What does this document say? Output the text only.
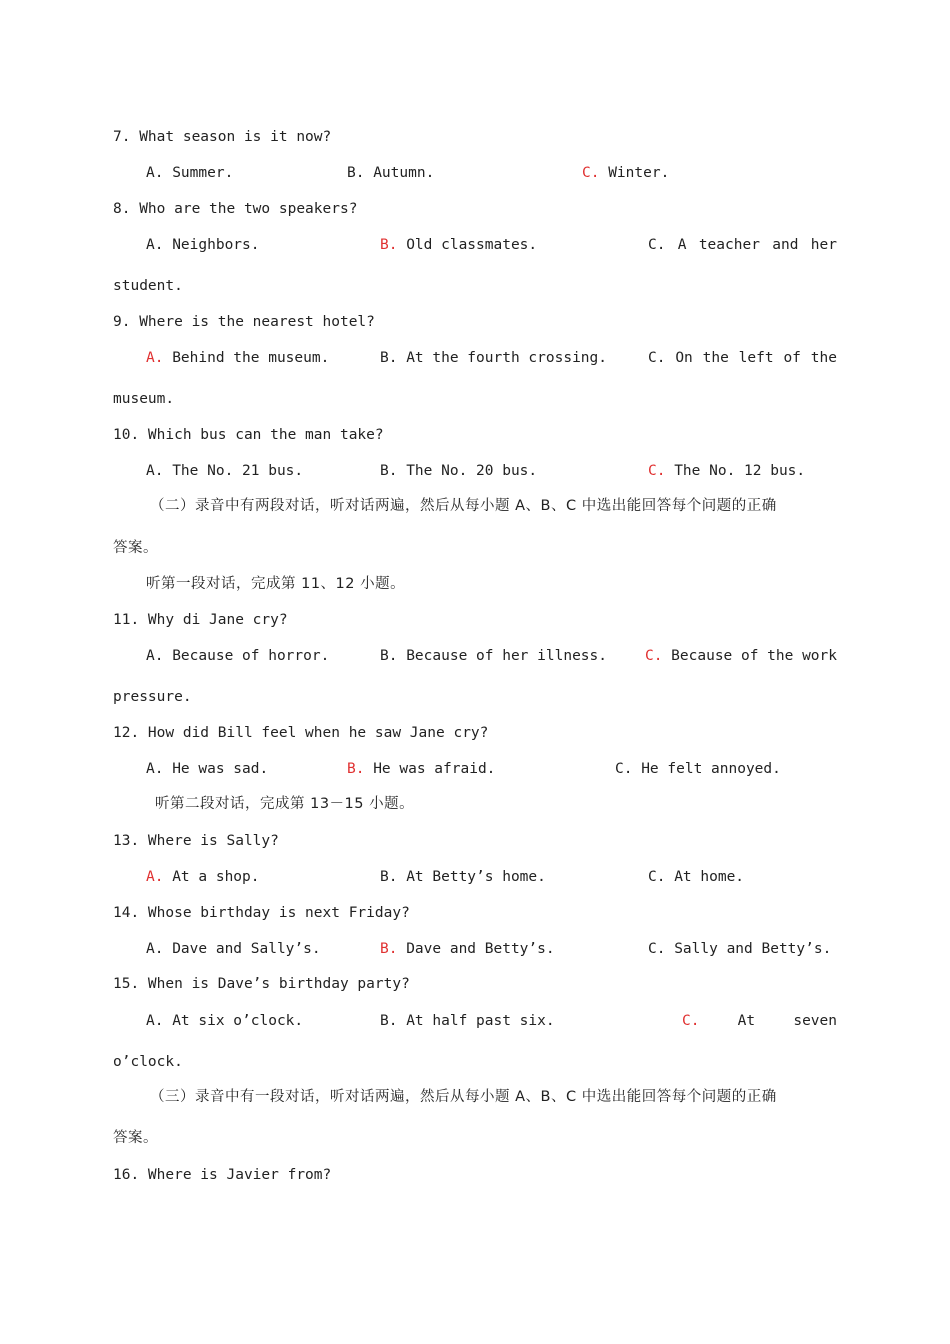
7. What season is it now?
A. Summer.	B. Autumn.	C. Winter.
8. Who are the two speakers?
A. Neighbors.	B. Old classmates.	C. A teacher and her
student.
9. Where is the nearest hotel?
A. Behind the museum.	B. At the fourth crossing.	C. On the left of the
museum.
10. Which bus can the man take?
A. The No. 21 bus.	B. The No. 20 bus.	C. The No. 12 bus.
（二）录音中有两段对话，听对话两遍，然后从每小题 A、B、C 中选出能回答每个问题的正确
答案。
听第一段对话，完成第 11、12 小题。
11. Why di Jane cry?
A. Because of horror.	B. Because of her illness.	C. Because of the work
pressure.
12. How did Bill feel when he saw Jane cry?
A. He was sad.	B. He was afraid.	C. He felt annoyed.
听第二段对话，完成第 13－15 小题。
13. Where is Sally?
A. At a shop.	B. At Betty’s home.	C. At home.
14. Whose birthday is next Friday?
A. Dave and Sally’s.	B. Dave and Betty’s.	C. Sally and Betty’s.
15. When is Dave’s birthday party?
A. At six o’clock.	B. At half past six.	C.	At	seven
o’clock.
（三）录音中有一段对话，听对话两遍，然后从每小题 A、B、C 中选出能回答每个问题的正确
答案。
16. Where is Javier from?
